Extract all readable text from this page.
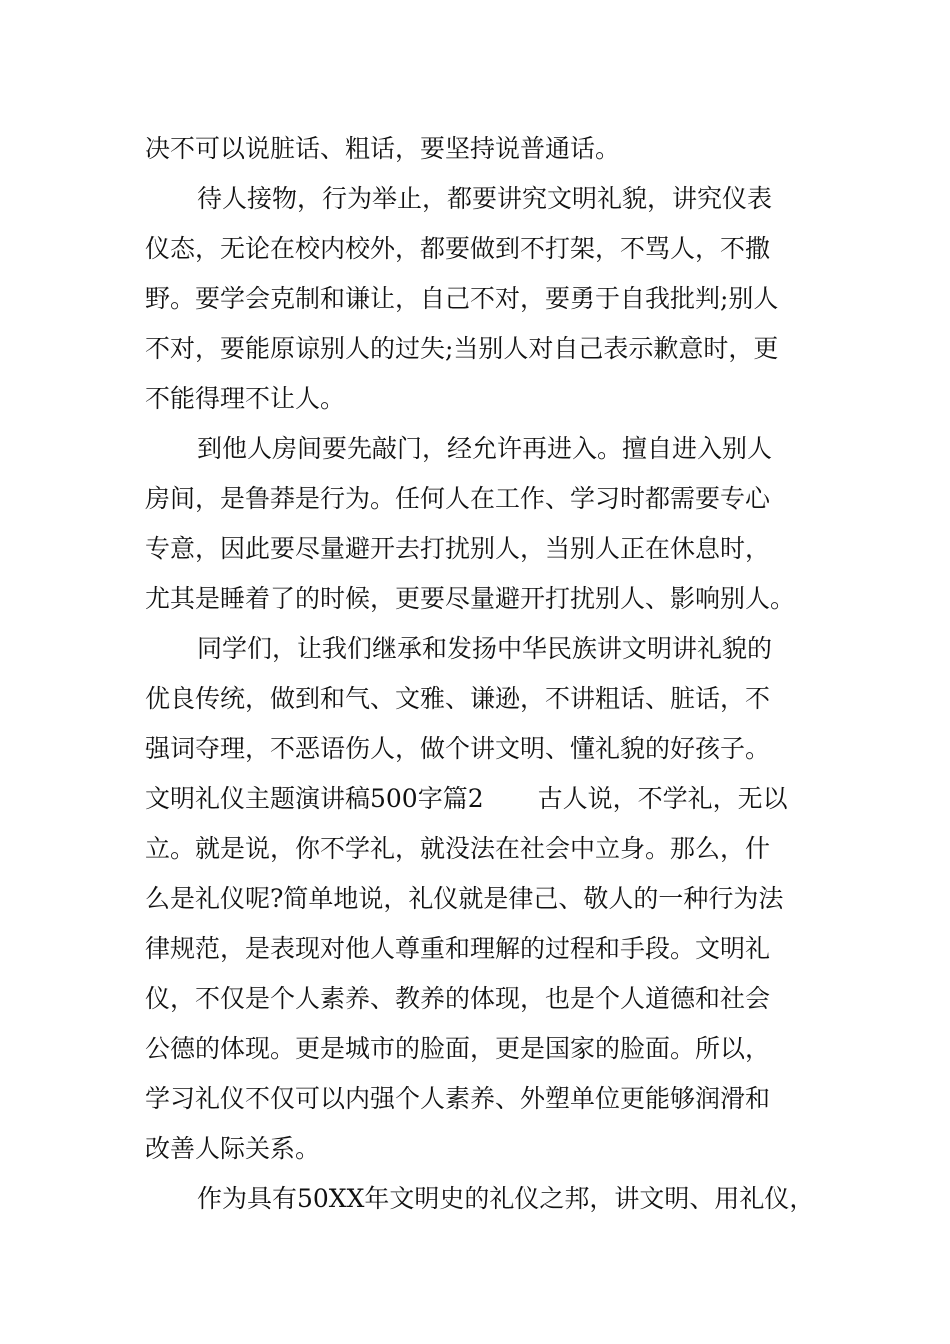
决不可以说脏话、粗话，要坚持说普通话。
待人接物，行为举止，都要讲究文明礼貌，讲究仪表
仪态，无论在校内校外，都要做到不打架，不骂人，不撒
野。要学会克制和谦让，自己不对，要勇于自我批判;别人
不对，要能原谅别人的过失;当别人对自己表示歉意时，更
不能得理不让人。
到他人房间要先敲门，经允许再进入。擅自进入别人
房间，是鲁莽是行为。任何人在工作、学习时都需要专心
专意，因此要尽量避开去打扰别人，当别人正在休息时，
尤其是睡着了的时候，更要尽量避开打扰别人、影响别人。
同学们，让我们继承和发扬中华民族讲文明讲礼貌的
优良传统，做到和气、文雅、谦逊，不讲粗话、脏话，不
强词夺理，不恶语伤人，做个讲文明、懂礼貌的好孩子。
文明礼仪主题演讲稿500字篇2 古人说，不学礼，无以
立。就是说，你不学礼，就没法在社会中立身。那么，什
么是礼仪呢?简单地说，礼仪就是律己、敬人的一种行为法
律规范，是表现对他人尊重和理解的过程和手段。文明礼
仪，不仅是个人素养、教养的体现，也是个人道德和社会
公德的体现。更是城市的脸面，更是国家的脸面。所以，
学习礼仪不仅可以内强个人素养、外塑单位更能够润滑和
改善人际关系。
作为具有50XX年文明史的礼仪之邦，讲文明、用礼仪，
